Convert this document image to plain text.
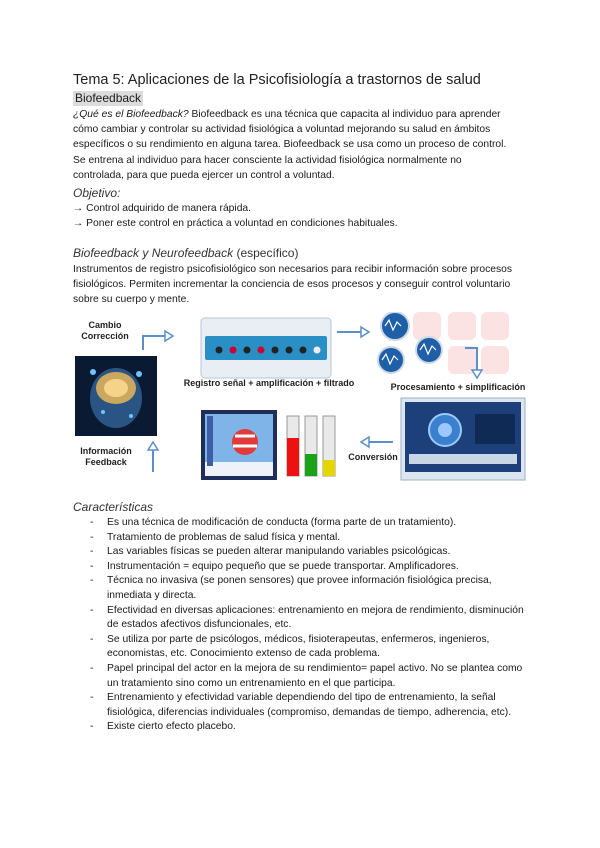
Tema 5: Aplicaciones de la Psicofisiología a trastornos de salud
Biofeedback
¿Qué es el Biofeedback? Biofeedback es una técnica que capacita al individuo para aprender cómo cambiar y controlar su actividad fisiológica a voluntad mejorando su salud en ámbitos específicos o su rendimiento en alguna tarea. Biofeedback se usa como un proceso de control. Se entrena al individuo para hacer consciente la actividad fisiológica normalmente no controlada, para que pueda ejercer un control a voluntad.
Objetivo:
→ Control adquirido de manera rápida.
→ Poner este control en práctica a voluntad en condiciones habituales.
Biofeedback y Neurofeedback (específico)
Instrumentos de registro psicofisiológico son necesarios para recibir información sobre procesos fisiológicos. Permiten incrementar la conciencia de esos procesos y conseguir control voluntario sobre su cuerpo y mente.
Cambio
Corrección
Registro señal + amplificación + filtrado	Procesamiento + simplificación
Conversión
Información
Feedback
Características
- Es una técnica de modificación de conducta (forma parte de un tratamiento).
- Tratamiento de problemas de salud física y mental.
- Las variables físicas se pueden alterar manipulando variables psicológicas.
- Instrumentación = equipo pequeño que se puede transportar. Amplificadores.
- Técnica no invasiva (se ponen sensores) que provee información fisiológica precisa, inmediata y directa.
- Efectividad en diversas aplicaciones: entrenamiento en mejora de rendimiento, disminución de estados afectivos disfuncionales, etc.
- Se utiliza por parte de psicólogos, médicos, fisioterapeutas, enfermeros, ingenieros, economistas, etc. Conocimiento extenso de cada problema.
- Papel principal del actor en la mejora de su rendimiento= papel activo. No se plantea como un tratamiento sino como un entrenamiento en el que participa.
- Entrenamiento y efectividad variable dependiendo del tipo de entrenamiento, la señal fisiológica, diferencias individuales (compromiso, demandas de tiempo, adherencia, etc).
- Existe cierto efecto placebo.
